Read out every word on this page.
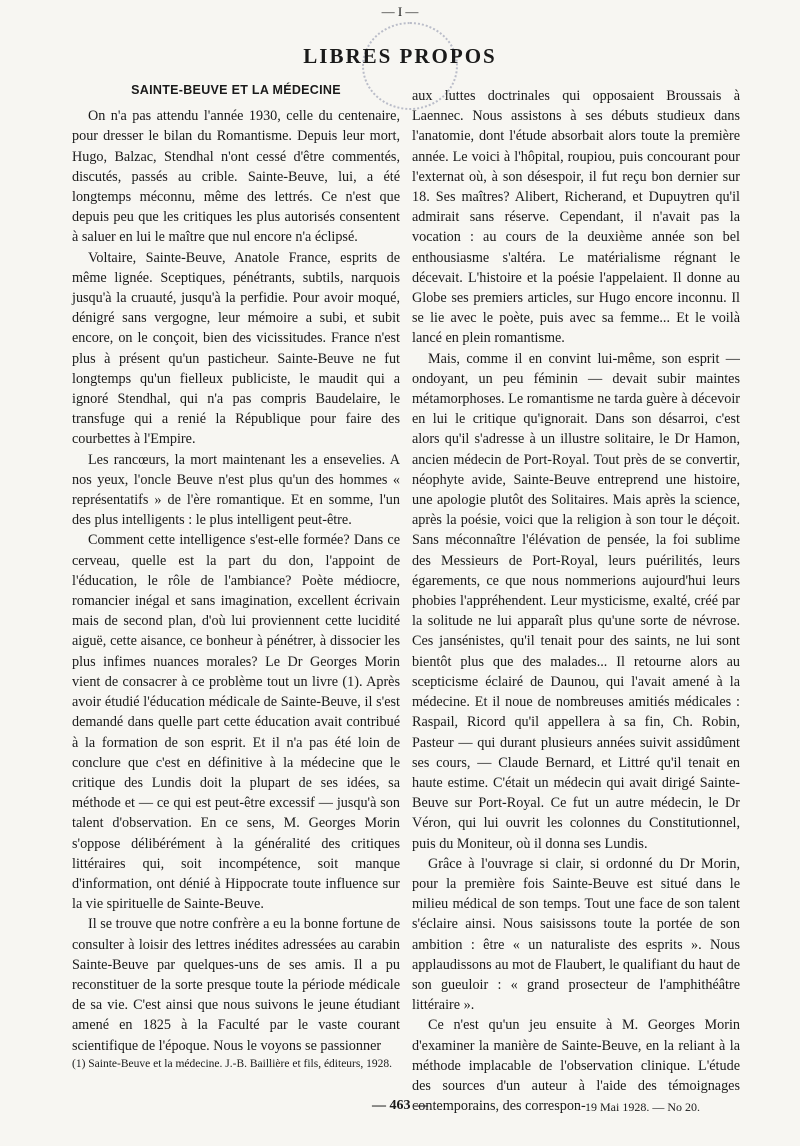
— I —
LIBRES PROPOS
SAINTE-BEUVE ET LA MÉDECINE

On n'a pas attendu l'année 1930, celle du centenaire, pour dresser le bilan du Romantisme. Depuis leur mort, Hugo, Balzac, Stendhal n'ont cessé d'être commentés, discutés, passés au crible. Sainte-Beuve, lui, a été longtemps méconnu, même des lettrés. Ce n'est que depuis peu que les critiques les plus autorisés consentent à saluer en lui le maître que nul encore n'a éclipsé.

Voltaire, Sainte-Beuve, Anatole France, esprits de même lignée. Sceptiques, pénétrants, subtils, narquois jusqu'à la cruauté, jusqu'à la perfidie. Pour avoir moqué, dénigré sans vergogne, leur mémoire a subi, et subit encore, on le conçoit, bien des vicissitudes. France n'est plus à présent qu'un pasticheur. Sainte-Beuve ne fut longtemps qu'un fielleux publiciste, le maudit qui a ignoré Stendhal, qui n'a pas compris Baudelaire, le transfuge qui a renié la République pour faire des courbettes à l'Empire.

Les rancœurs, la mort maintenant les a ensevelies. A nos yeux, l'oncle Beuve n'est plus qu'un des hommes « représentatifs » de l'ère romantique. Et en somme, l'un des plus intelligents : le plus intelligent peut-être.

Comment cette intelligence s'est-elle formée? Dans ce cerveau, quelle est la part du don, l'appoint de l'éducation, le rôle de l'ambiance? Poète médiocre, romancier inégal et sans imagination, excellent écrivain mais de second plan, d'où lui proviennent cette lucidité aiguë, cette aisance, ce bonheur à pénétrer, à dissocier les plus infimes nuances morales? Le Dr Georges Morin vient de consacrer à ce problème tout un livre (1). Après avoir étudié l'éducation médicale de Sainte-Beuve, il s'est demandé dans quelle part cette éducation avait contribué à la formation de son esprit. Et il n'a pas été loin de conclure que c'est en définitive à la médecine que le critique des Lundis doit la plupart de ses idées, sa méthode et — ce qui est peut-être excessif — jusqu'à son talent d'observation. En ce sens, M. Georges Morin s'oppose délibérément à la généralité des critiques littéraires qui, soit incompétence, soit manque d'information, ont dénié à Hippocrate toute influence sur la vie spirituelle de Sainte-Beuve.

Il se trouve que notre confrère a eu la bonne fortune de consulter à loisir des lettres inédites adressées au carabin Sainte-Beuve par quelques-uns de ses amis. Il a pu reconstituer de la sorte presque toute la période médicale de sa vie. C'est ainsi que nous suivons le jeune étudiant amené en 1825 à la Faculté par le vaste courant scientifique de l'époque. Nous le voyons se passionner

aux luttes doctrinales qui opposaient Broussais à Laennec. Nous assistons à ses débuts studieux dans l'anatomie, dont l'étude absorbait alors toute la première année. Le voici à l'hôpital, roupiou, puis concourant pour l'externat où, à son désespoir, il fut reçu bon dernier sur 18. Ses maîtres? Alibert, Richerand, et Dupuytren qu'il admirait sans réserve. Cependant, il n'avait pas la vocation : au cours de la deuxième année son bel enthousiasme s'altéra. Le matérialisme régnant le décevait. L'histoire et la poésie l'appelaient. Il donne au Globe ses premiers articles, sur Hugo encore inconnu. Il se lie avec le poète, puis avec sa femme... Et le voilà lancé en plein romantisme.

Mais, comme il en convint lui-même, son esprit — ondoyant, un peu féminin — devait subir maintes métamorphoses. Le romantisme ne tarda guère à décevoir en lui le critique qu'ignorait. Dans son désarroi, c'est alors qu'il s'adresse à un illustre solitaire, le Dr Hamon, ancien médecin de Port-Royal. Tout près de se convertir, néophyte avide, Sainte-Beuve entreprend une histoire, une apologie plutôt des Solitaires. Mais après la science, après la poésie, voici que la religion à son tour le déçoit. Sans méconnaître l'élévation de pensée, la foi sublime des Messieurs de Port-Royal, leurs puérilités, leurs égarements, ce que nous nommerions aujourd'hui leurs phobies l'appréhendent. Leur mysticisme, exalté, créé par la solitude ne lui apparaît plus qu'une sorte de névrose. Ces jansénistes, qu'il tenait pour des saints, ne lui sont bientôt plus que des malades... Il retourne alors au scepticisme éclairé de Daunou, qui l'avait amené à la médecine. Et il noue de nombreuses amitiés médicales : Raspail, Ricord qu'il appellera à sa fin, Ch. Robin, Pasteur — qui durant plusieurs années suivit assidûment ses cours, — Claude Bernard, et Littré qu'il tenait en haute estime. C'était un médecin qui avait dirigé Sainte-Beuve sur Port-Royal. Ce fut un autre médecin, le Dr Véron, qui lui ouvrit les colonnes du Constitutionnel, puis du Moniteur, où il donna ses Lundis.

Grâce à l'ouvrage si clair, si ordonné du Dr Morin, pour la première fois Sainte-Beuve est situé dans le milieu médical de son temps. Tout une face de son talent s'éclaire ainsi. Nous saisissons toute la portée de son ambition : être « un naturaliste des esprits ». Nous applaudissons au mot de Flaubert, le qualifiant du haut de son gueuloir : « grand prosecteur de l'amphithéâtre littéraire ».

Ce n'est qu'un jeu ensuite à M. Georges Morin d'examiner la manière de Sainte-Beuve, en la reliant à la méthode implacable de l'observation clinique. L'étude des sources d'un auteur à l'aide des témoignages contemporains, des correspon-

(1) Sainte-Beuve et la médecine. J.-B. Baillière et fils, éditeurs, 1928.
— 463 —	19 Mai 1928. — No 20.
